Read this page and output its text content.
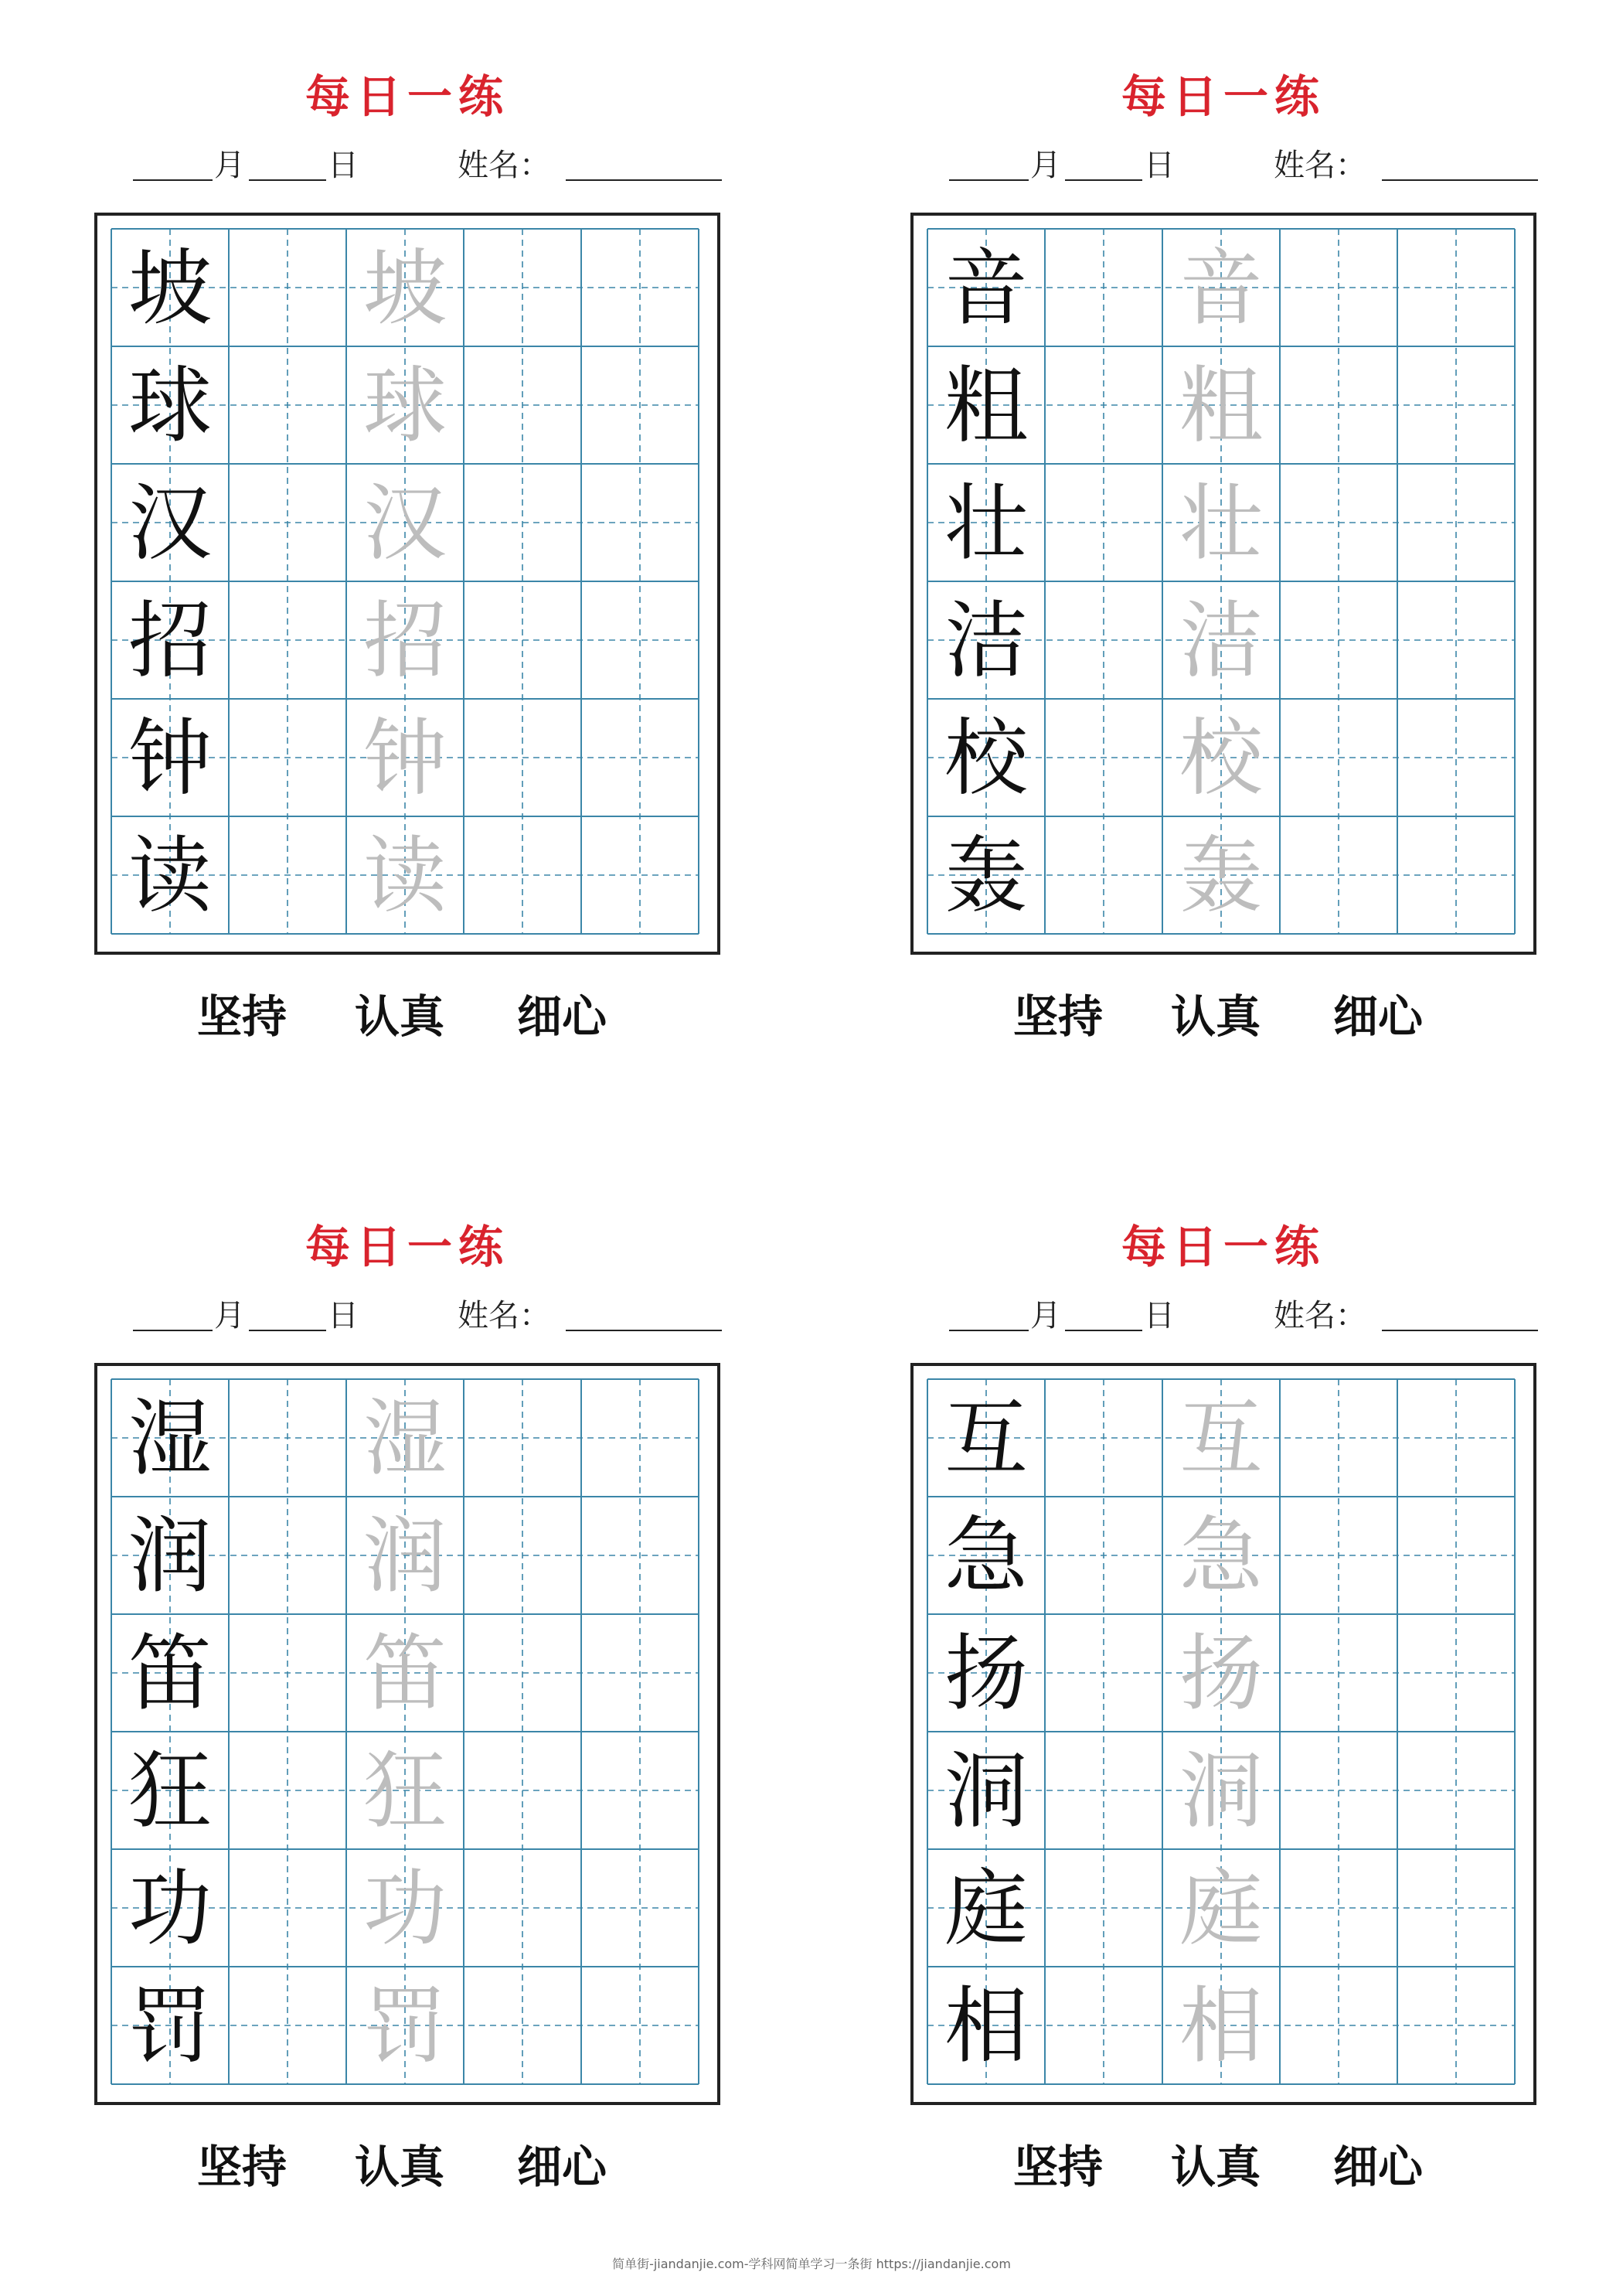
每日一练
月	日	姓名：
坡 坡
球 球
汉 汉
招 招
钟 钟
读 读
坚持 认真 细心
每日一练
月	日	姓名：
音 音
粗 粗
壮 壮
洁 洁
校 校
轰 轰
坚持 认真 细心
每日一练
月	日	姓名：
湿 湿
润 润
笛 笛
狂 狂
功 功
罚 罚
坚持 认真 细心
每日一练
月	日	姓名：
互 互
急 急
扬 扬
洞 洞
庭 庭
相 相
坚持 认真 细心
简单街-jiandanjie.com-学科网简单学习一条街 https://jiandanjie.com
